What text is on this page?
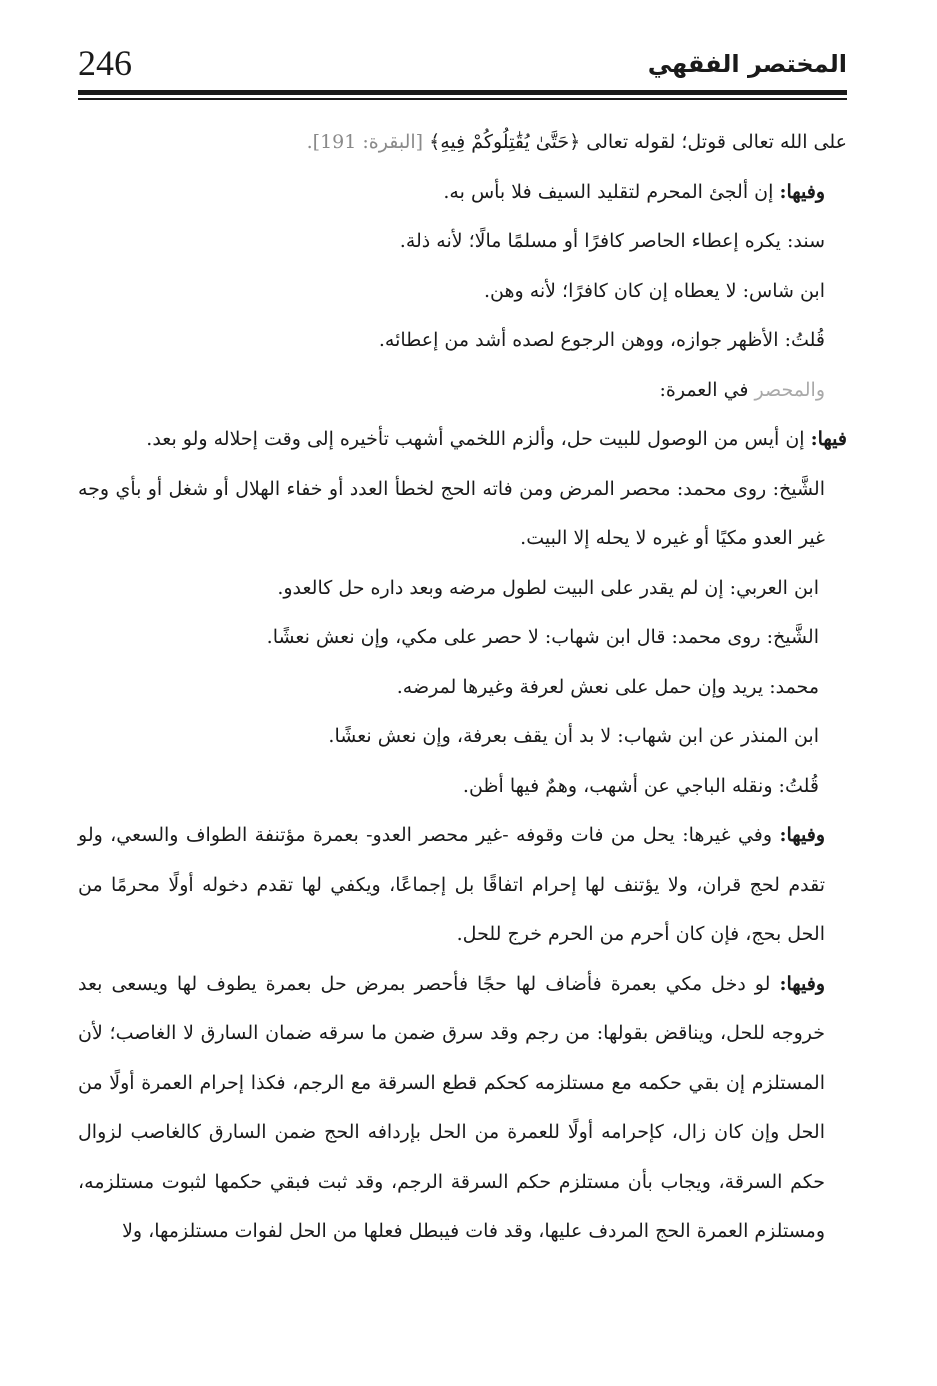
246	المختصر الفقهي

على الله تعالى قوتل؛ لقوله تعالى ﴿حَتَّىٰ يُقَٰتِلُوكُمْ فِيهِ﴾ [البقرة: 191].

وفيها: إن ألجئ المحرم لتقليد السيف فلا بأس به.

سند: يكره إعطاء الحاصر كافرًا أو مسلمًا مالًا؛ لأنه ذلة.

ابن شاس: لا يعطاه إن كان كافرًا؛ لأنه وهن.

قُلتُ: الأظهر جوازه، ووهن الرجوع لصده أشد من إعطائه.

والمحصر في العمرة:

فيها: إن أيس من الوصول للبيت حل، وألزم اللخمي أشهب تأخيره إلى وقت إحلاله ولو بعد.

الشَّيخ: روى محمد: محصر المرض ومن فاته الحج لخطأ العدد أو خفاء الهلال أو شغل أو بأي وجه غير العدو مكيًا أو غيره لا يحله إلا البيت.

ابن العربي: إن لم يقدر على البيت لطول مرضه وبعد داره حل كالعدو.

الشَّيخ: روى محمد: قال ابن شهاب: لا حصر على مكي، وإن نعش نعشًا.

محمد: يريد وإن حمل على نعش لعرفة وغيرها لمرضه.

ابن المنذر عن ابن شهاب: لا بد أن يقف بعرفة، وإن نعش نعشًا.

قُلتُ: ونقله الباجي عن أشهب، وهمٌ فيها أظن.

وفيها: وفي غيرها: يحل من فات وقوفه -غير محصر العدو- بعمرة مؤتنفة الطواف والسعي، ولو تقدم لحج قران، ولا يؤتنف لها إحرام اتفاقًا بل إجماعًا، ويكفي لها تقدم دخوله أولًا محرمًا من الحل بحج، فإن كان أحرم من الحرم خرج للحل.

وفيها: لو دخل مكي بعمرة فأضاف لها حجًا فأحصر بمرض حل بعمرة يطوف لها ويسعى بعد خروجه للحل، ويناقض بقولها: من رجم وقد سرق ضمن ما سرقه ضمان السارق لا الغاصب؛ لأن المستلزم إن بقي حكمه مع مستلزمه كحكم قطع السرقة مع الرجم، فكذا إحرام العمرة أولًا من الحل وإن كان زال، كإحرامه أولًا للعمرة من الحل بإردافه الحج ضمن السارق كالغاصب لزوال حكم السرقة، ويجاب بأن مستلزم حكم السرقة الرجم، وقد ثبت فبقي حكمها لثبوت مستلزمه، ومستلزم العمرة الحج المردف عليها، وقد فات فيبطل فعلها من الحل لفوات مستلزمها، ولا
